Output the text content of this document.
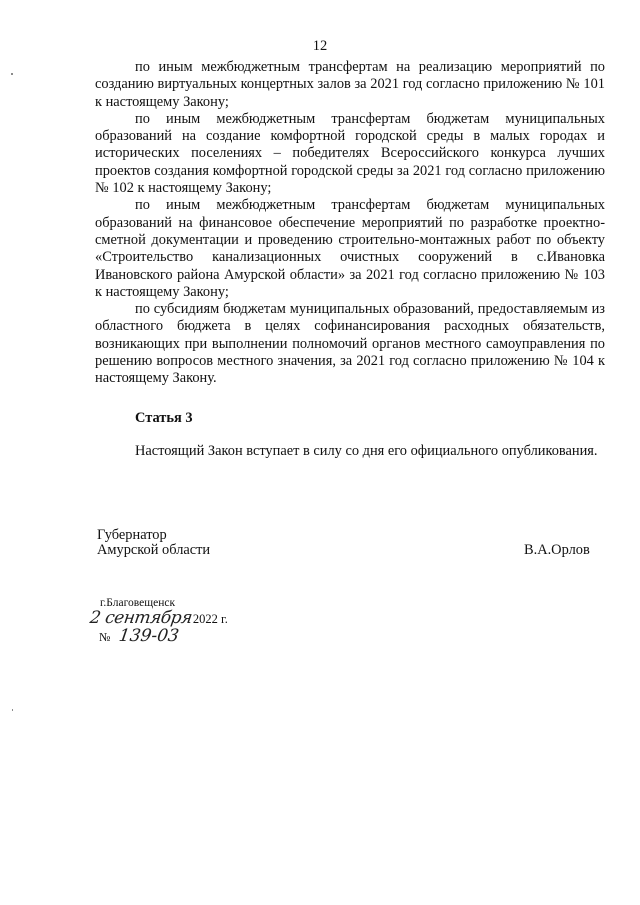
12

по иным межбюджетным трансфертам на реализацию мероприятий по созданию виртуальных концертных залов за 2021 год согласно приложению № 101 к настоящему Закону;

по иным межбюджетным трансфертам бюджетам муниципальных образований на создание комфортной городской среды в малых городах и исторических поселениях – победителях Всероссийского конкурса лучших проектов создания комфортной городской среды за 2021 год согласно приложению № 102 к настоящему Закону;

по иным межбюджетным трансфертам бюджетам муниципальных образований на финансовое обеспечение мероприятий по разработке проектно-сметной документации и проведению строительно-монтажных работ по объекту «Строительство канализационных очистных сооружений в с.Ивановка Ивановского района Амурской области» за 2021 год согласно приложению № 103 к настоящему Закону;

по субсидиям бюджетам муниципальных образований, предоставляемым из областного бюджета в целях софинансирования расходных обязательств, возникающих при выполнении полномочий органов местного самоуправления по решению вопросов местного значения, за 2021 год согласно приложению № 104 к настоящему Закону.

Статья 3

Настоящий Закон вступает в силу со дня его официального опубликования.

Губернатор
Амурской области	В.А.Орлов
г.Благовещенск
2 сентября2022 г.
№ 139-03
